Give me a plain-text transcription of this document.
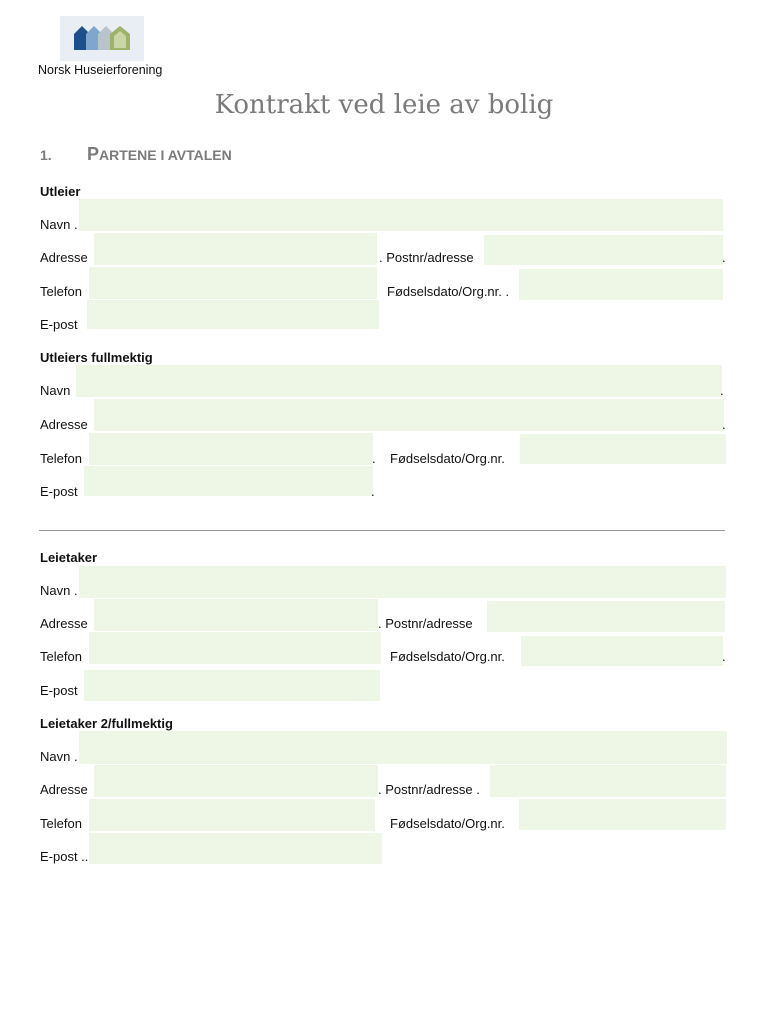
Norsk Huseierforening
Kontrakt ved leie av bolig
1. PARTENE I AVTALEN
Utleier
Navn .
Adresse	. Postnr/adresse	.
Telefon	Fødselsdato/Org.nr. .
E-post
Utleiers fullmektig
Navn	.
Adresse	.
Telefon	. Fødselsdato/Org.nr.
E-post	.
Leietaker
Navn .
Adresse	. Postnr/adresse
Telefon	Fødselsdato/Org.nr.	.
E-post
Leietaker 2/fullmektig
Navn .
Adresse	. Postnr/adresse .
Telefon	Fødselsdato/Org.nr.
E-post ..
